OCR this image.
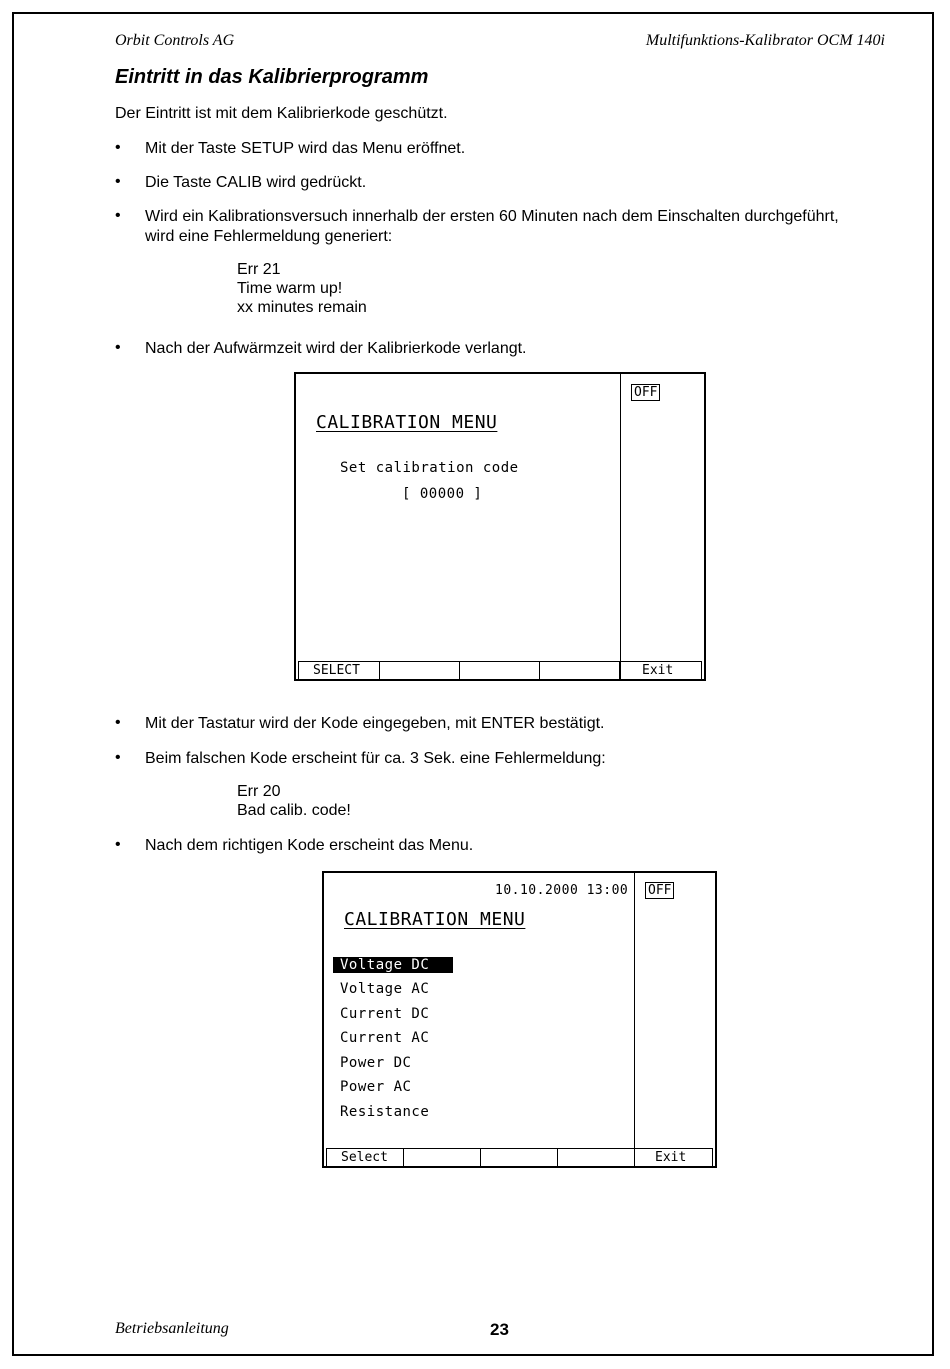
Orbit Controls AG	Multifunktions-Kalibrator OCM 140i
Eintritt in das Kalibrierprogramm
Der Eintritt ist mit dem Kalibrierkode geschützt.
• Mit der Taste SETUP wird das Menu eröffnet.
• Die Taste CALIB wird gedrückt.
• Wird ein Kalibrationsversuch innerhalb der ersten 60 Minuten nach dem Einschalten durchgeführt,
wird eine Fehlermeldung generiert:
Err 21
Time warm up!
xx minutes remain
• Nach der Aufwärmzeit wird der Kalibrierkode verlangt.
OFF
CALIBRATION MENU
Set calibration code
[ 00000 ]
SELECT	Exit
• Mit der Tastatur wird der Kode eingegeben, mit ENTER bestätigt.
• Beim falschen Kode erscheint für ca. 3 Sek. eine Fehlermeldung:
Err 20
Bad calib. code!
• Nach dem richtigen Kode erscheint das Menu.
10.10.2000 13:00 OFF
CALIBRATION MENU
Voltage DC
Voltage AC
Current DC
Current AC
Power DC
Power AC
Resistance
Select	Exit
Betriebsanleitung	23
